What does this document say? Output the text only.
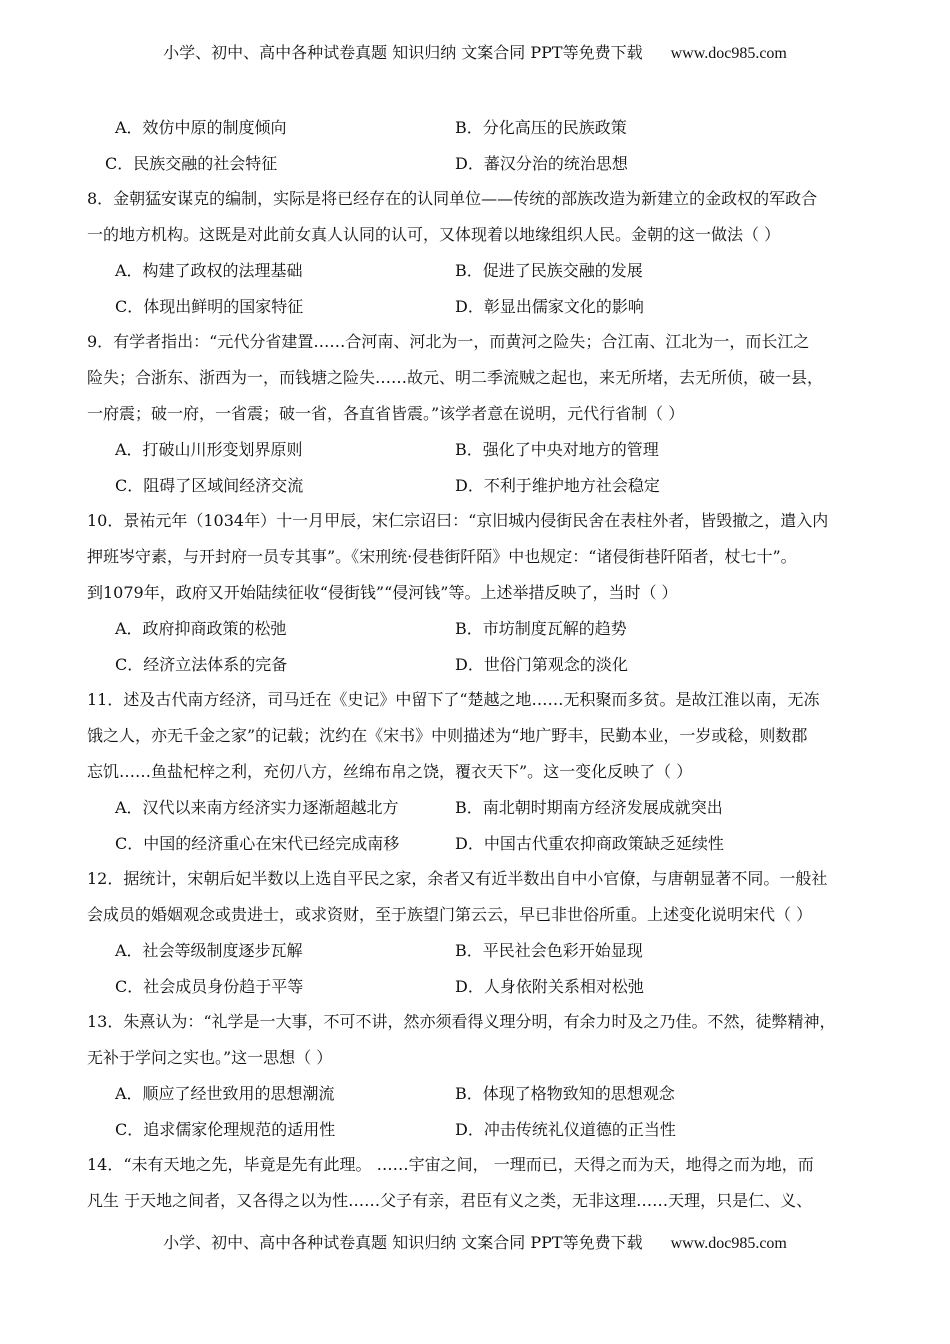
小学、初中、高中各种试卷真题 知识归纳 文案合同 PPT等免费下载 www.doc985.com
A．效仿中原的制度倾向	B．分化高压的民族政策
C．民族交融的社会特征	D．蕃汉分治的统治思想
8．金朝猛安谋克的编制，实际是将已经存在的认同单位——传统的部族改造为新建立的金政权的军政合
一的地方机构。这既是对此前女真人认同的认可，又体现着以地缘组织人民。金朝的这一做法（ ）
A．构建了政权的法理基础	B．促进了民族交融的发展
C．体现出鲜明的国家特征	D．彰显出儒家文化的影响
9．有学者指出：“元代分省建置……合河南、河北为一，而黄河之险失；合江南、江北为一，而长江之
险失；合浙东、浙西为一，而钱塘之险失……故元、明二季流贼之起也，来无所堵，去无所侦，破一县，
一府震；破一府，一省震；破一省，各直省皆震。”该学者意在说明，元代行省制（ ）
A．打破山川形变划界原则	B．强化了中央对地方的管理
C．阻碍了区域间经济交流	D．不利于维护地方社会稳定
10．景祐元年（1034年）十一月甲辰，宋仁宗诏曰：“京旧城内侵街民舍在表柱外者，皆毁撤之，遣入内
押班岑守素，与开封府一员专其事”。《宋刑统·侵巷街阡陌》中也规定：“诸侵街巷阡陌者，杖七十”。
到1079年，政府又开始陆续征收“侵街钱”“侵河钱”等。上述举措反映了，当时（ ）
A．政府抑商政策的松弛	B．市坊制度瓦解的趋势
C．经济立法体系的完备	D．世俗门第观念的淡化
11．述及古代南方经济，司马迁在《史记》中留下了“楚越之地……无积聚而多贫。是故江淮以南，无冻
饿之人，亦无千金之家”的记载；沈约在《宋书》中则描述为“地广野丰，民勤本业，一岁或稔，则数郡
忘饥……鱼盐杞梓之利，充仞八方，丝绵布帛之饶，覆衣天下”。这一变化反映了（ ）
A．汉代以来南方经济实力逐渐超越北方	B．南北朝时期南方经济发展成就突出
C．中国的经济重心在宋代已经完成南移	D．中国古代重农抑商政策缺乏延续性
12．据统计，宋朝后妃半数以上选自平民之家，余者又有近半数出自中小官僚，与唐朝显著不同。一般社
会成员的婚姻观念或贵进士，或求资财，至于族望门第云云，早已非世俗所重。上述变化说明宋代（ ）
A．社会等级制度逐步瓦解	B．平民社会色彩开始显现
C．社会成员身份趋于平等	D．人身依附关系相对松弛
13．朱熹认为：“礼学是一大事，不可不讲，然亦须看得义理分明，有余力时及之乃佳。不然，徒弊精神，
无补于学问之实也。”这一思想（ ）
A．顺应了经世致用的思想潮流	B．体现了格物致知的思想观念
C．追求儒家伦理规范的适用性	D．冲击传统礼仪道德的正当性
14．“未有天地之先，毕竟是先有此理。 ……宇宙之间， 一理而已，天得之而为天，地得之而为地，而
凡生 于天地之间者，又各得之以为性……父子有亲，君臣有义之类，无非这理……天理，只是仁、义、
小学、初中、高中各种试卷真题 知识归纳 文案合同 PPT等免费下载 www.doc985.com
